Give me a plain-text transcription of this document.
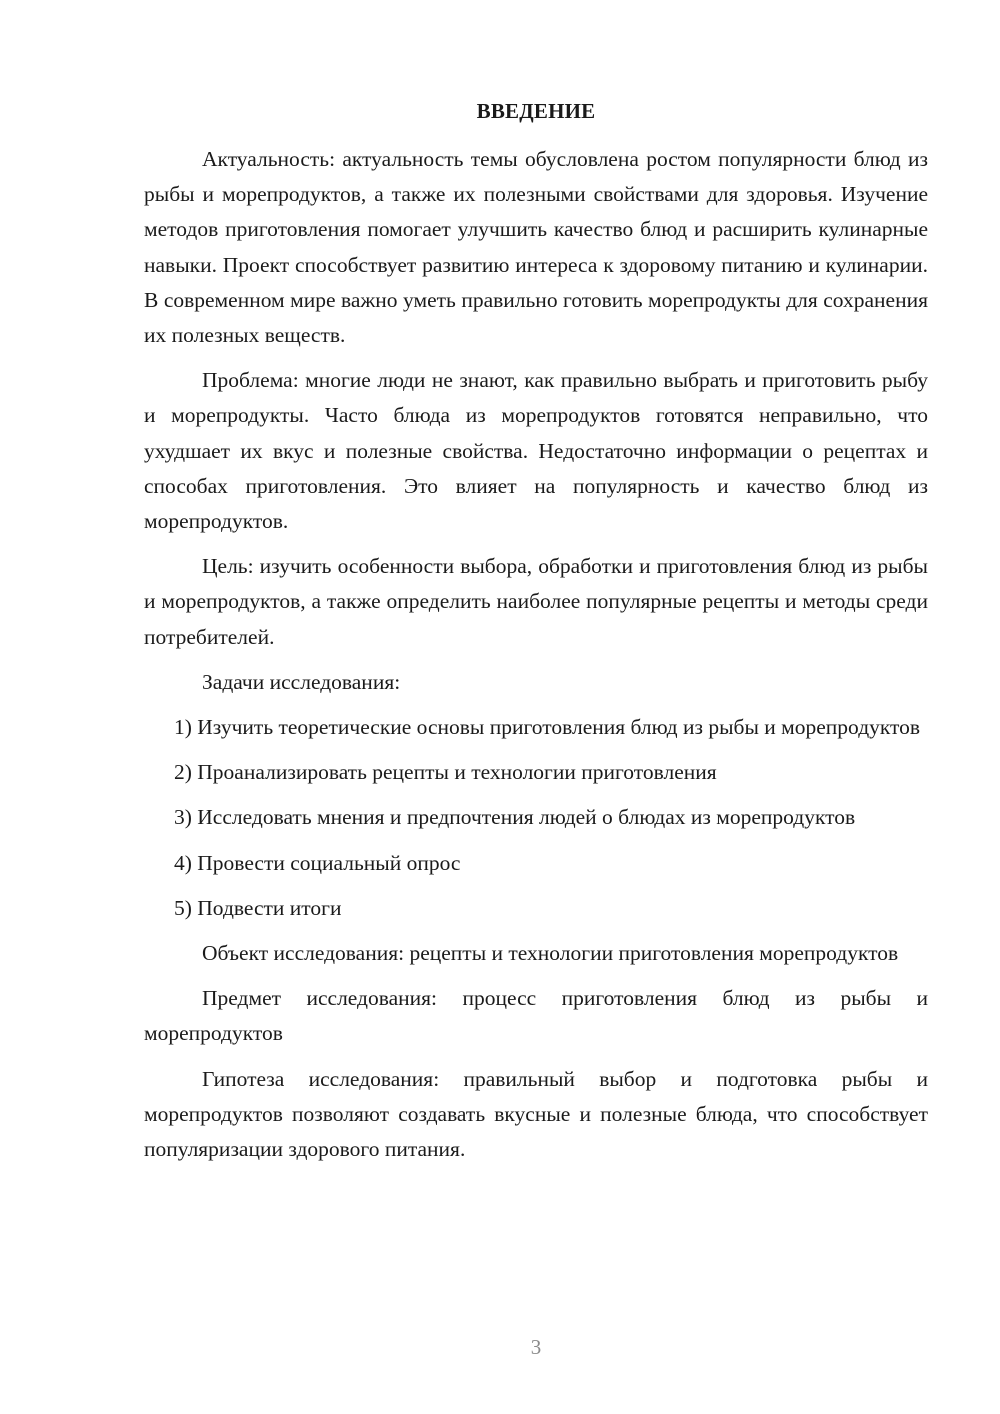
ВВЕДЕНИЕ

Актуальность: актуальность темы обусловлена ростом популярности блюд из рыбы и морепродуктов, а также их полезными свойствами для здоровья. Изучение методов приготовления помогает улучшить качество блюд и расширить кулинарные навыки. Проект способствует развитию интереса к здоровому питанию и кулинарии. В современном мире важно уметь правильно готовить морепродукты для сохранения их полезных веществ.

Проблема: многие люди не знают, как правильно выбрать и приготовить рыбу и морепродукты. Часто блюда из морепродуктов готовятся неправильно, что ухудшает их вкус и полезные свойства. Недостаточно информации о рецептах и способах приготовления. Это влияет на популярность и качество блюд из морепродуктов.

Цель: изучить особенности выбора, обработки и приготовления блюд из рыбы и морепродуктов, а также определить наиболее популярные рецепты и методы среди потребителей.

Задачи исследования:

1) Изучить теоретические основы приготовления блюд из рыбы и морепродуктов

2) Проанализировать рецепты и технологии приготовления

3) Исследовать мнения и предпочтения людей о блюдах из морепродуктов

4) Провести социальный опрос

5) Подвести итоги

Объект исследования: рецепты и технологии приготовления морепродуктов

Предмет исследования: процесс приготовления блюд из рыбы и морепродуктов

Гипотеза исследования: правильный выбор и подготовка рыбы и морепродуктов позволяют создавать вкусные и полезные блюда, что способствует популяризации здорового питания.

3
